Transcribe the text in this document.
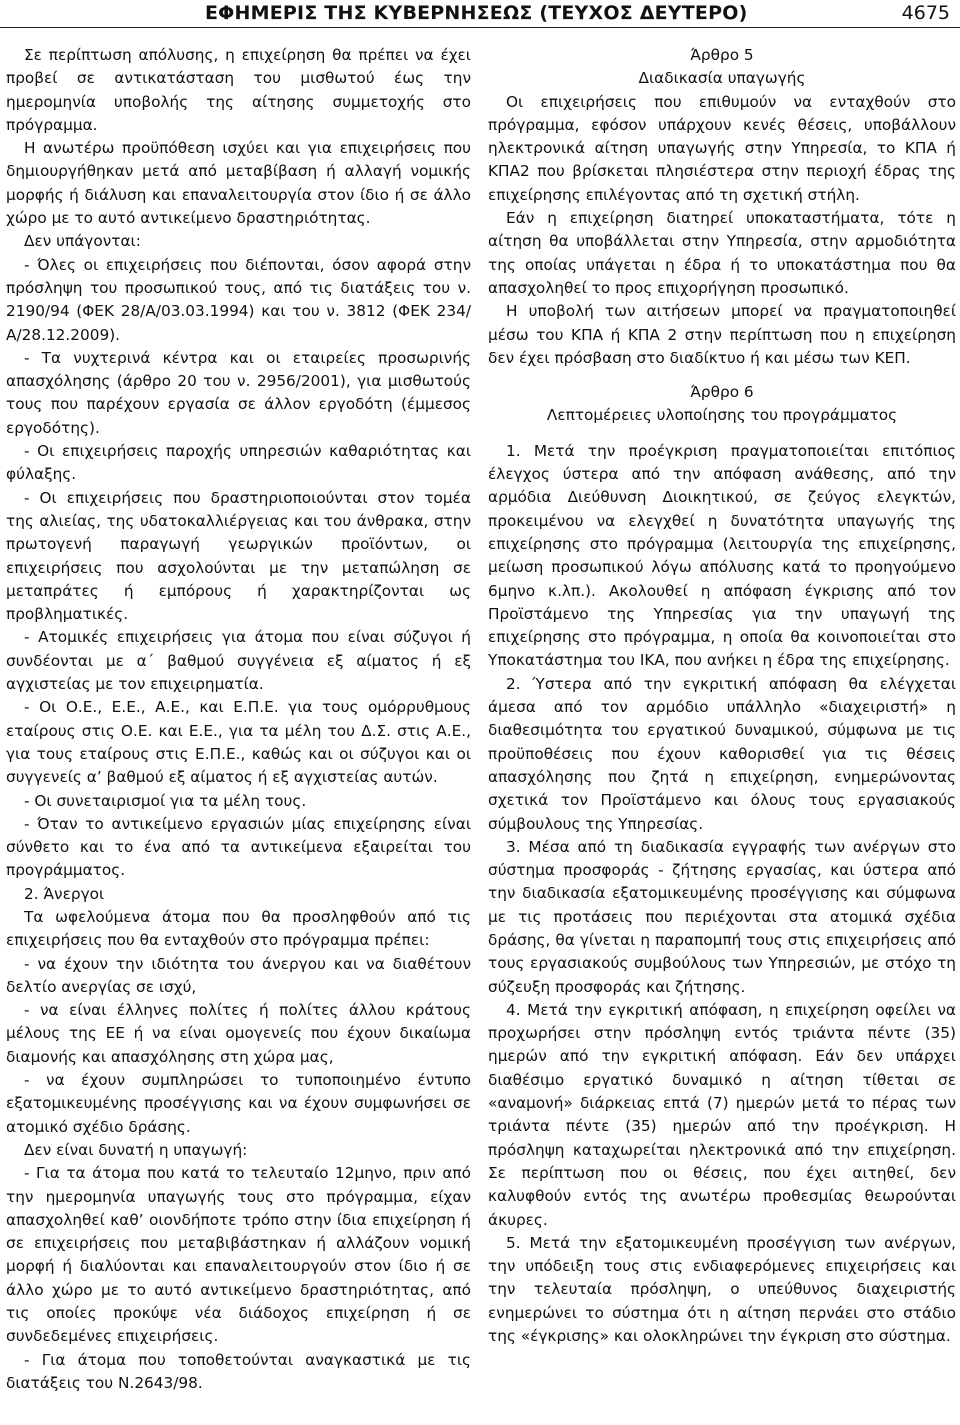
ΕΦΗΜΕΡΙΣ ΤΗΣ ΚΥΒΕΡΝΗΣΕΩΣ (ΤΕΥΧΟΣ ΔΕΥΤΕΡΟ)	4675

Σε περίπτωση απόλυσης, η επιχείρηση θα πρέπει να έχει προβεί σε αντικατάσταση του μισθωτού έως την ημερομηνία υποβολής της αίτησης συμμετοχής στο πρόγραμμα.

Η ανωτέρω προϋπόθεση ισχύει και για επιχειρήσεις που δημιουργήθηκαν μετά από μεταβίβαση ή αλλαγή νομικής μορφής ή διάλυση και επαναλειτουργία στον ίδιο ή σε άλλο χώρο με το αυτό αντικείμενο δραστηριότητας.

Δεν υπάγονται:

- Όλες οι επιχειρήσεις που διέπονται, όσον αφορά στην πρόσληψη του προσωπικού τους, από τις διατάξεις του ν. 2190/94 (ΦΕΚ 28/Α/03.03.1994) και του ν. 3812 (ΦΕΚ 234/Α/28.12.2009).

- Τα νυχτερινά κέντρα και οι εταιρείες προσωρινής απασχόλησης (άρθρο 20 του ν. 2956/2001), για μισθωτούς τους που παρέχουν εργασία σε άλλον εργοδότη (έμμεσος εργοδότης).

- Οι επιχειρήσεις παροχής υπηρεσιών καθαριότητας και φύλαξης.

- Οι επιχειρήσεις που δραστηριοποιούνται στον τομέα της αλιείας, της υδατοκαλλιέργειας και του άνθρακα, στην πρωτογενή παραγωγή γεωργικών προϊόντων, οι επιχειρήσεις που ασχολούνται με την μεταπώληση σε μεταπράτες ή εμπόρους ή χαρακτηρίζονται ως προβληματικές.

- Ατομικές επιχειρήσεις για άτομα που είναι σύζυγοι ή συνδέονται με α΄ βαθμού συγγένεια εξ αίματος ή εξ αγχιστείας με τον επιχειρηματία.

- Οι Ο.Ε., Ε.Ε., Α.Ε., και Ε.Π.Ε. για τους ομόρρυθμους εταίρους στις Ο.Ε. και Ε.Ε., για τα μέλη του Δ.Σ. στις Α.Ε., για τους εταίρους στις Ε.Π.Ε., καθώς και οι σύζυγοι και οι συγγενείς α’ βαθμού εξ αίματος ή εξ αγχιστείας αυτών.

- Οι συνεταιρισμοί για τα μέλη τους.

- Όταν το αντικείμενο εργασιών μίας επιχείρησης είναι σύνθετο και το ένα από τα αντικείμενα εξαιρείται του προγράμματος.

2. Άνεργοι

Τα ωφελούμενα άτομα που θα προσληφθούν από τις επιχειρήσεις που θα ενταχθούν στο πρόγραμμα πρέπει:

- να έχουν την ιδιότητα του άνεργου και να διαθέτουν δελτίο ανεργίας σε ισχύ,

- να είναι έλληνες πολίτες ή πολίτες άλλου κράτους μέλους της ΕΕ ή να είναι ομογενείς που έχουν δικαίωμα διαμονής και απασχόλησης στη χώρα μας,

- να έχουν συμπληρώσει το τυποποιημένο έντυπο εξατομικευμένης προσέγγισης και να έχουν συμφωνήσει σε ατομικό σχέδιο δράσης.

Δεν είναι δυνατή η υπαγωγή:

- Για τα άτομα που κατά το τελευταίο 12μηνο, πριν από την ημερομηνία υπαγωγής τους στο πρόγραμμα, είχαν απασχοληθεί καθ’ οιονδήποτε τρόπο στην ίδια επιχείρηση ή σε επιχειρήσεις που μεταβιβάστηκαν ή αλλάζουν νομική μορφή ή διαλύονται και επαναλειτουργούν στον ίδιο ή σε άλλο χώρο με το αυτό αντικείμενο δραστηριότητας, από τις οποίες προκύψε νέα διάδοχος επιχείρηση ή σε συνδεδεμένες επιχειρήσεις.

- Για άτομα που τοποθετούνται αναγκαστικά με τις διατάξεις του Ν.2643/98.

Άρθρο 5

Διαδικασία υπαγωγής

Οι επιχειρήσεις που επιθυμούν να ενταχθούν στο πρόγραμμα, εφόσον υπάρχουν κενές θέσεις, υποβάλλουν ηλεκτρονικά αίτηση υπαγωγής στην Υπηρεσία, το ΚΠΑ ή ΚΠΑ2 που βρίσκεται πλησιέστερα στην περιοχή έδρας της επιχείρησης επιλέγοντας από τη σχετική στήλη.

Εάν η επιχείρηση διατηρεί υποκαταστήματα, τότε η αίτηση θα υποβάλλεται στην Υπηρεσία, στην αρμοδιότητα της οποίας υπάγεται η έδρα ή το υποκατάστημα που θα απασχοληθεί το προς επιχορήγηση προσωπικό.

Η υποβολή των αιτήσεων μπορεί να πραγματοποιηθεί μέσω του ΚΠΑ ή ΚΠΑ 2 στην περίπτωση που η επιχείρηση δεν έχει πρόσβαση στο διαδίκτυο ή και μέσω των ΚΕΠ.

Άρθρο 6

Λεπτομέρειες υλοποίησης του προγράμματος

1. Μετά την προέγκριση πραγματοποιείται επιτόπιος έλεγχος ύστερα από την απόφαση ανάθεσης, από την αρμόδια Διεύθυνση Διοικητικού, σε ζεύγος ελεγκτών, προκειμένου να ελεγχθεί η δυνατότητα υπαγωγής της επιχείρησης στο πρόγραμμα (λειτουργία της επιχείρησης, μείωση προσωπικού λόγω απόλυσης κατά το προηγούμενο 6μηνο κ.λπ.). Ακολουθεί η απόφαση έγκρισης από τον Προϊστάμενο της Υπηρεσίας για την υπαγωγή της επιχείρησης στο πρόγραμμα, η οποία θα κοινοποιείται στο Υποκατάστημα του ΙΚΑ, που ανήκει η έδρα της επιχείρησης.

2. Ύστερα από την εγκριτική απόφαση θα ελέγχεται άμεσα από τον αρμόδιο υπάλληλο «διαχειριστή» η διαθεσιμότητα του εργατικού δυναμικού, σύμφωνα με τις προϋποθέσεις που έχουν καθορισθεί για τις θέσεις απασχόλησης που ζητά η επιχείρηση, ενημερώνοντας σχετικά τον Προϊστάμενο και όλους τους εργασιακούς σύμβουλους της Υπηρεσίας.

3. Μέσα από τη διαδικασία εγγραφής των ανέργων στο σύστημα προσφοράς - ζήτησης εργασίας, και ύστερα από την διαδικασία εξατομικευμένης προσέγγισης και σύμφωνα με τις προτάσεις που περιέχονται στα ατομικά σχέδια δράσης, θα γίνεται η παραπομπή τους στις επιχειρήσεις από τους εργασιακούς συμβούλους των Υπηρεσιών, με στόχο τη σύζευξη προσφοράς και ζήτησης.

4. Μετά την εγκριτική απόφαση, η επιχείρηση οφείλει να προχωρήσει στην πρόσληψη εντός τριάντα πέντε (35) ημερών από την εγκριτική απόφαση. Εάν δεν υπάρχει διαθέσιμο εργατικό δυναμικό η αίτηση τίθεται σε «αναμονή» διάρκειας επτά (7) ημερών μετά το πέρας των τριάντα πέντε (35) ημερών από την προέγκριση. Η πρόσληψη καταχωρείται ηλεκτρονικά από την επιχείρηση. Σε περίπτωση που οι θέσεις, που έχει αιτηθεί, δεν καλυφθούν εντός της ανωτέρω προθεσμίας θεωρούνται άκυρες.

5. Μετά την εξατομικευμένη προσέγγιση των ανέργων, την υπόδειξη τους στις ενδιαφερόμενες επιχειρήσεις και την τελευταία πρόσληψη, ο υπεύθυνος διαχειριστής ενημερώνει το σύστημα ότι η αίτηση περνάει στο στάδιο της «έγκρισης» και ολοκληρώνει την έγκριση στο σύστημα.
